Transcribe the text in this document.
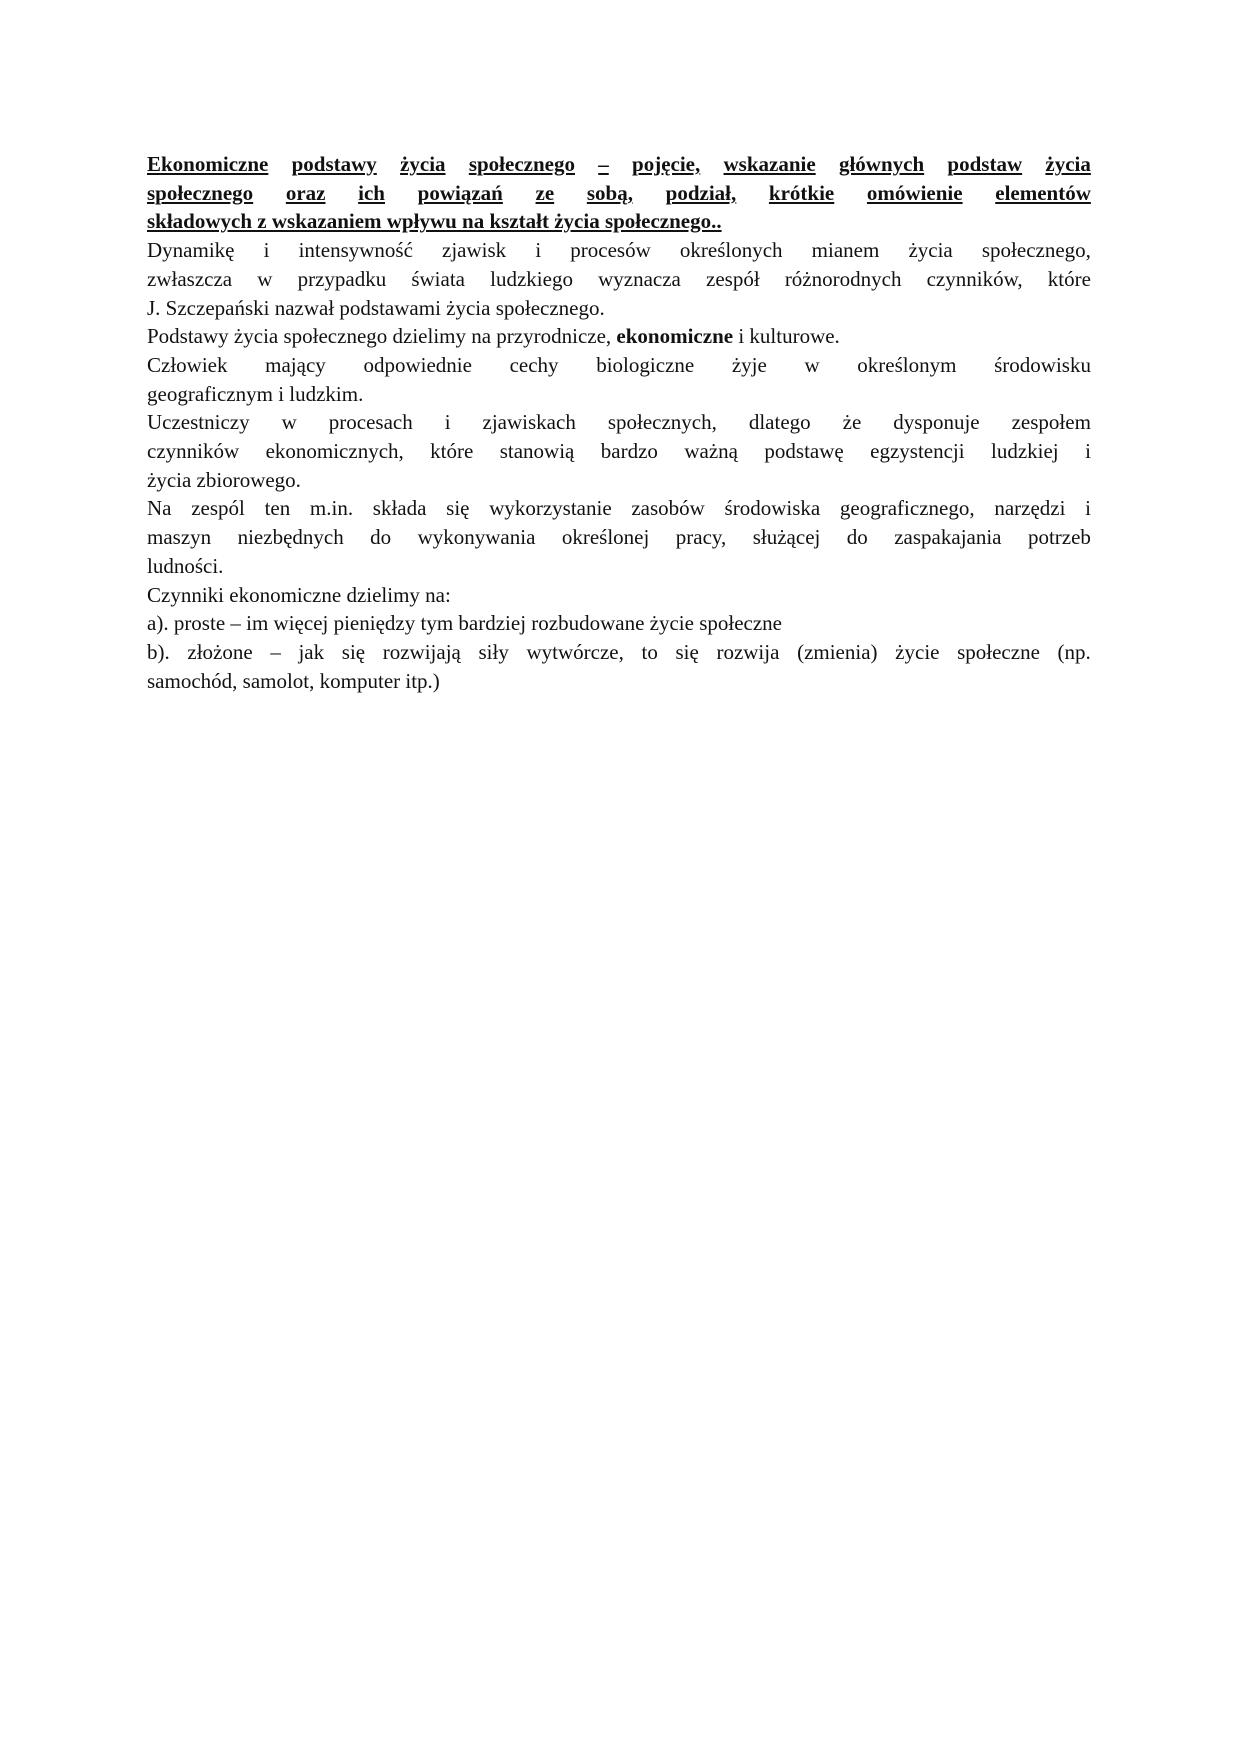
Ekonomiczne podstawy życia społecznego – pojęcie, wskazanie głównych podstaw życia
społecznego oraz ich powiązań ze sobą, podział, krótkie omówienie elementów
składowych z wskazaniem wpływu na kształt życia społecznego..
Dynamikę i intensywność zjawisk i procesów określonych mianem życia społecznego,
zwłaszcza w przypadku świata ludzkiego wyznacza zespół różnorodnych czynników, które
J. Szczepański nazwał podstawami życia społecznego.
Podstawy życia społecznego dzielimy na przyrodnicze, ekonomiczne i kulturowe.
Człowiek mający odpowiednie cechy biologiczne żyje w określonym środowisku
geograficznym i ludzkim.
Uczestniczy w procesach i zjawiskach społecznych, dlatego że dysponuje zespołem
czynników ekonomicznych, które stanowią bardzo ważną podstawę egzystencji ludzkiej i
życia zbiorowego.
Na zespól ten m.in. składa się wykorzystanie zasobów środowiska geograficznego, narzędzi i
maszyn niezbędnych do wykonywania określonej pracy, służącej do zaspakajania potrzeb
ludności.
Czynniki ekonomiczne dzielimy na:
a). proste – im więcej pieniędzy tym bardziej rozbudowane życie społeczne
b). złożone – jak się rozwijają siły wytwórcze, to się rozwija (zmienia) życie społeczne (np.
samochód, samolot, komputer itp.)
